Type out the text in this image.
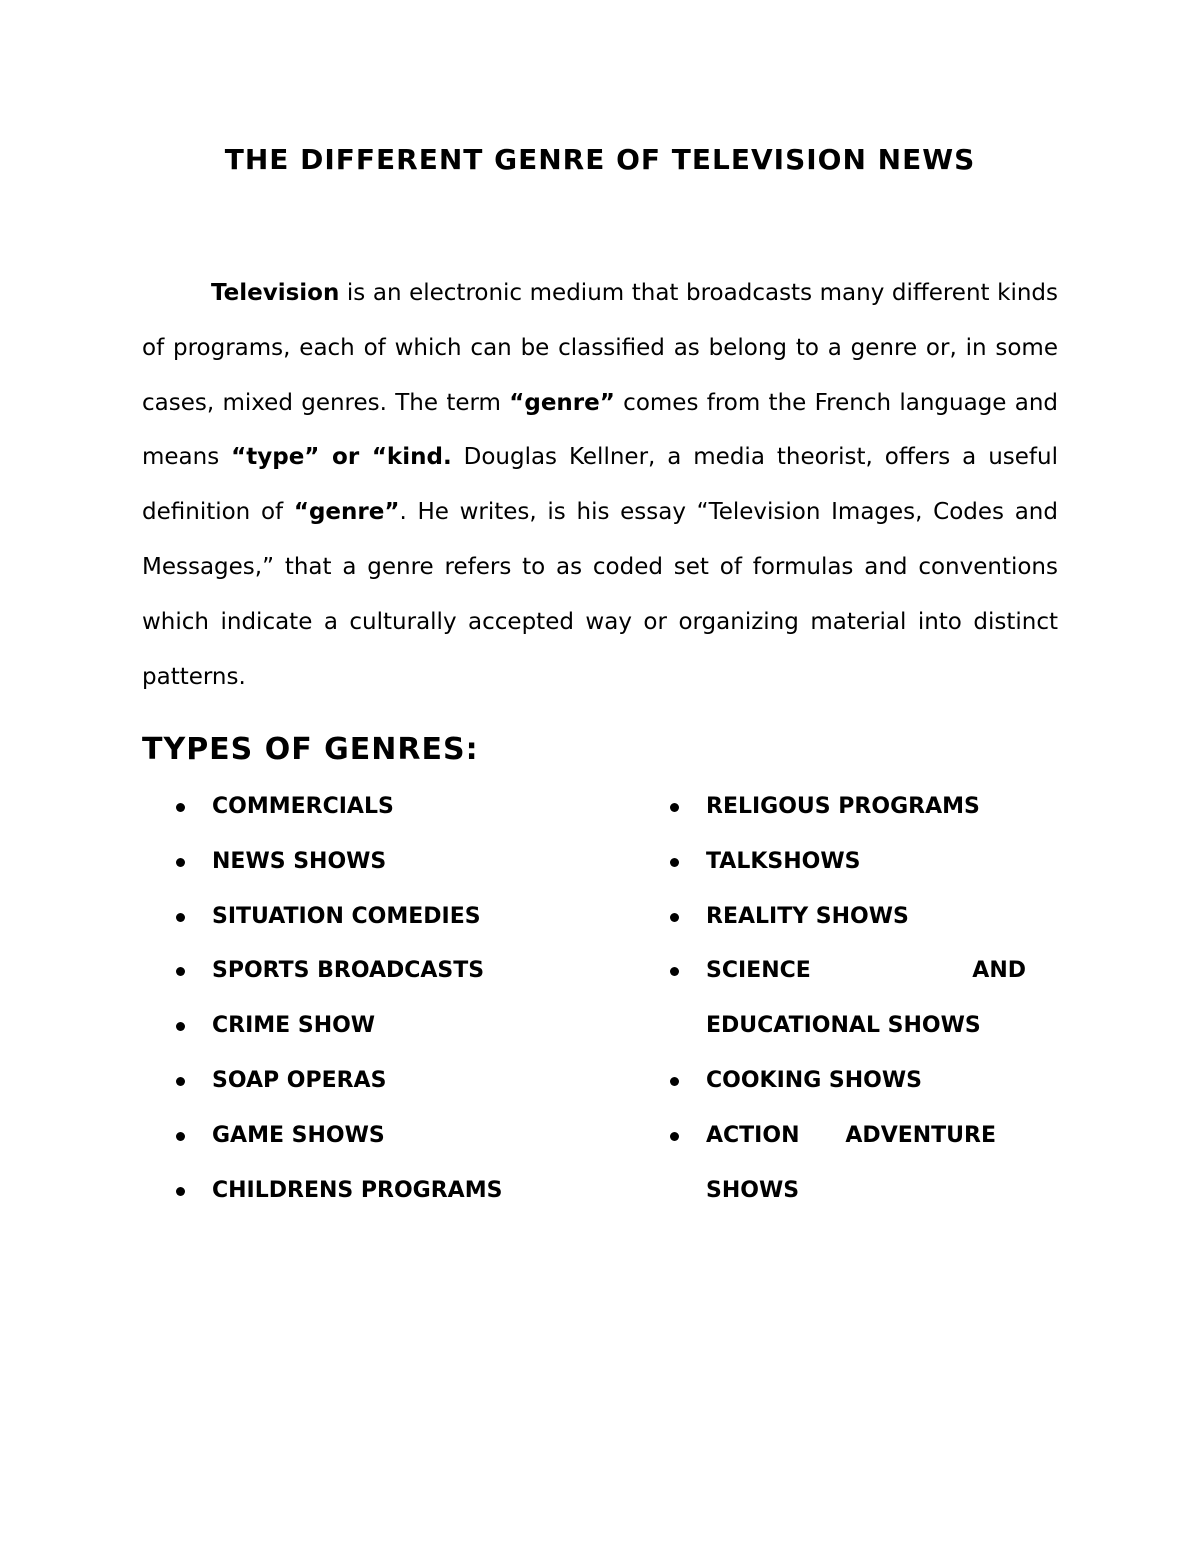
THE DIFFERENT GENRE OF TELEVISION NEWS

Television is an electronic medium that broadcasts many different kinds of programs, each of which can be classified as belong to a genre or, in some cases, mixed genres. The term “genre” comes from the French language and means “type” or “kind. Douglas Kellner, a media theorist, offers a useful definition of “genre”. He writes, is his essay “Television Images, Codes and Messages,” that a genre refers to as coded set of formulas and conventions which indicate a culturally accepted way or organizing material into distinct patterns.

TYPES OF GENRES:
COMMERCIALS
NEWS SHOWS
SITUATION COMEDIES
SPORTS BROADCASTS
CRIME SHOW
SOAP OPERAS
GAME SHOWS
CHILDRENS PROGRAMS
RELIGOUS PROGRAMS
TALKSHOWS
REALITY SHOWS
SCIENCE AND EDUCATIONAL SHOWS
COOKING SHOWS
ACTION ADVENTURE SHOWS
